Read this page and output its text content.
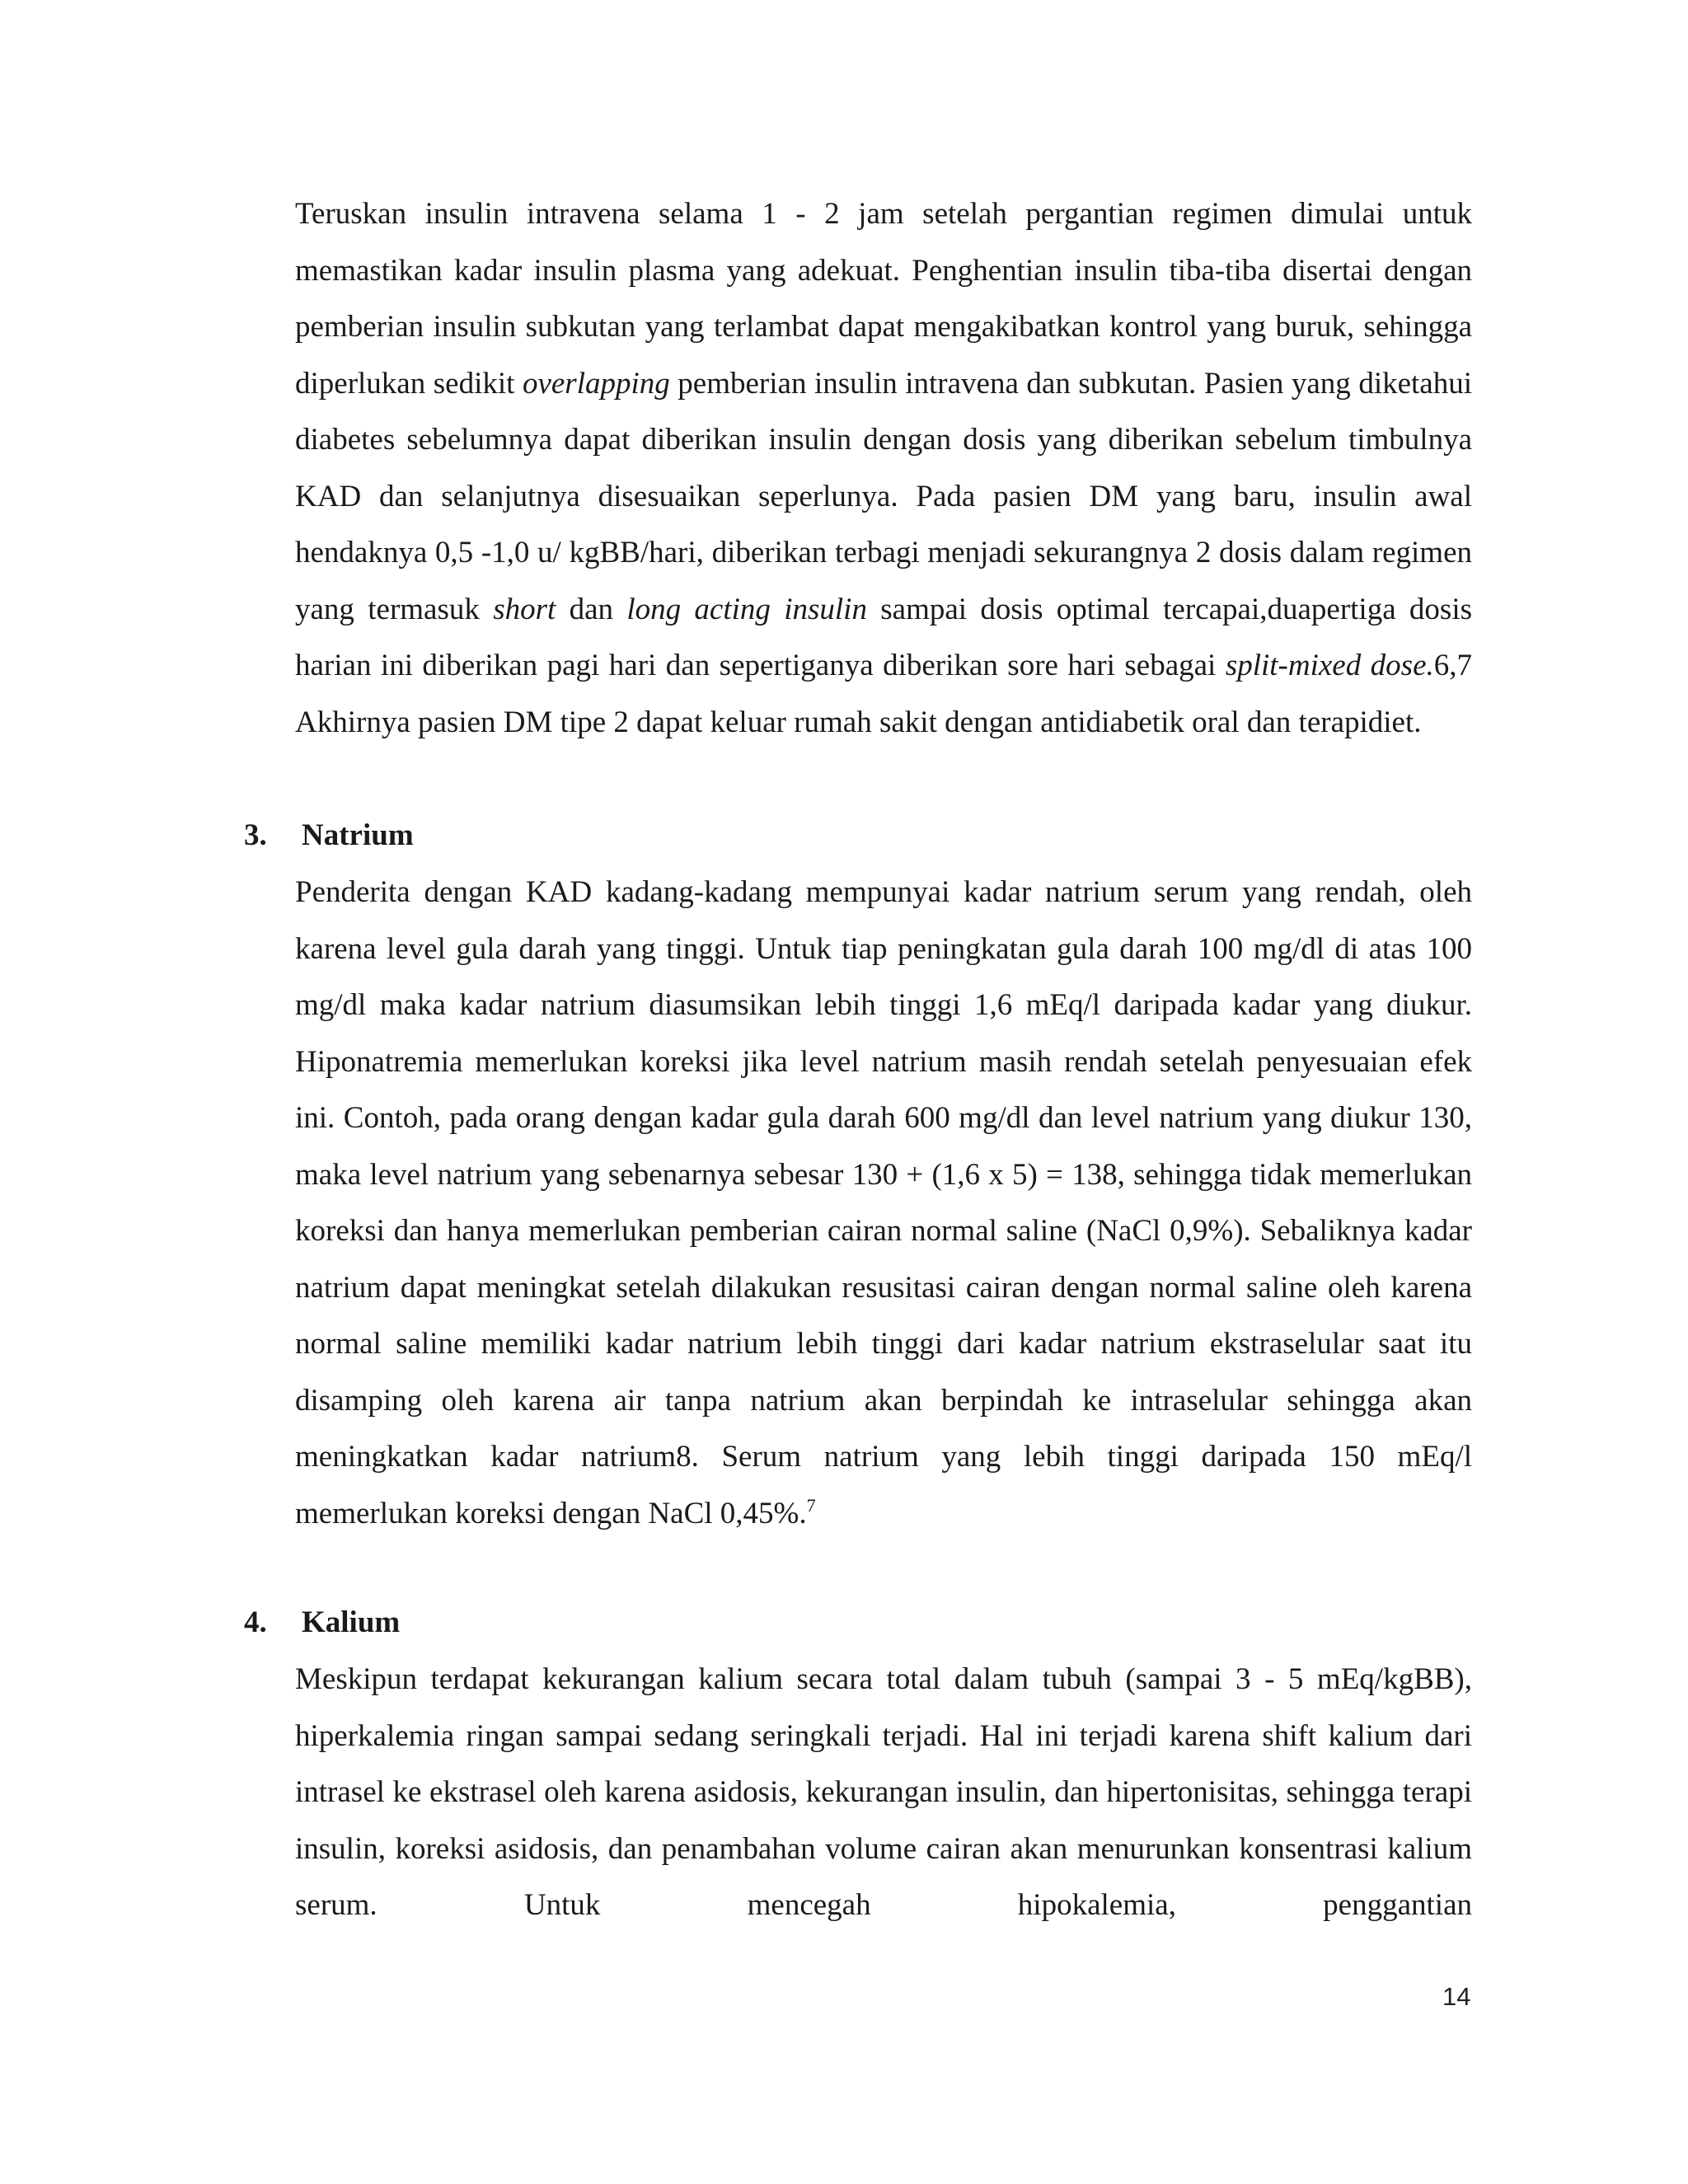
Teruskan insulin intravena selama 1 - 2 jam setelah pergantian regimen dimulai untuk memastikan kadar insulin plasma yang adekuat. Penghentian insulin tiba-tiba disertai dengan pemberian insulin subkutan yang terlambat dapat mengakibatkan kontrol yang buruk, sehingga diperlukan sedikit overlapping pemberian insulin intravena dan subkutan. Pasien yang diketahui diabetes sebelumnya dapat diberikan insulin dengan dosis yang diberikan sebelum timbulnya KAD dan selanjutnya disesuaikan seperlunya. Pada pasien DM yang baru, insulin awal hendaknya 0,5 -1,0 u/ kgBB/hari, diberikan terbagi menjadi sekurangnya 2 dosis dalam regimen yang termasuk short dan long acting insulin sampai dosis optimal tercapai,duapertiga dosis harian ini diberikan pagi hari dan sepertiganya diberikan sore hari sebagai split-mixed dose.6,7 Akhirnya pasien DM tipe 2 dapat keluar rumah sakit dengan antidiabetik oral dan terapidiet.

3. Natrium

Penderita dengan KAD kadang-kadang mempunyai kadar natrium serum yang rendah, oleh karena level gula darah yang tinggi. Untuk tiap peningkatan gula darah 100 mg/dl di atas 100 mg/dl maka kadar natrium diasumsikan lebih tinggi 1,6 mEq/l daripada kadar yang diukur. Hiponatremia memerlukan koreksi jika level natrium masih rendah setelah penyesuaian efek ini. Contoh, pada orang dengan kadar gula darah 600 mg/dl dan level natrium yang diukur 130, maka level natrium yang sebenarnya sebesar 130 + (1,6 x 5) = 138, sehingga tidak memerlukan koreksi dan hanya memerlukan pemberian cairan normal saline (NaCl 0,9%). Sebaliknya kadar natrium dapat meningkat setelah dilakukan resusitasi cairan dengan normal saline oleh karena normal saline memiliki kadar natrium lebih tinggi dari kadar natrium ekstraselular saat itu disamping oleh karena air tanpa natrium akan berpindah ke intraselular sehingga akan meningkatkan kadar natrium8. Serum natrium yang lebih tinggi daripada 150 mEq/l memerlukan koreksi dengan NaCl 0,45%.$^7$

4. Kalium

Meskipun terdapat kekurangan kalium secara total dalam tubuh (sampai 3 - 5 mEq/kgBB), hiperkalemia ringan sampai sedang seringkali terjadi. Hal ini terjadi karena shift kalium dari intrasel ke ekstrasel oleh karena asidosis, kekurangan insulin, dan hipertonisitas, sehingga terapi insulin, koreksi asidosis, dan penambahan volume cairan akan menurunkan konsentrasi kalium serum. Untuk mencegah hipokalemia, penggantian

14
